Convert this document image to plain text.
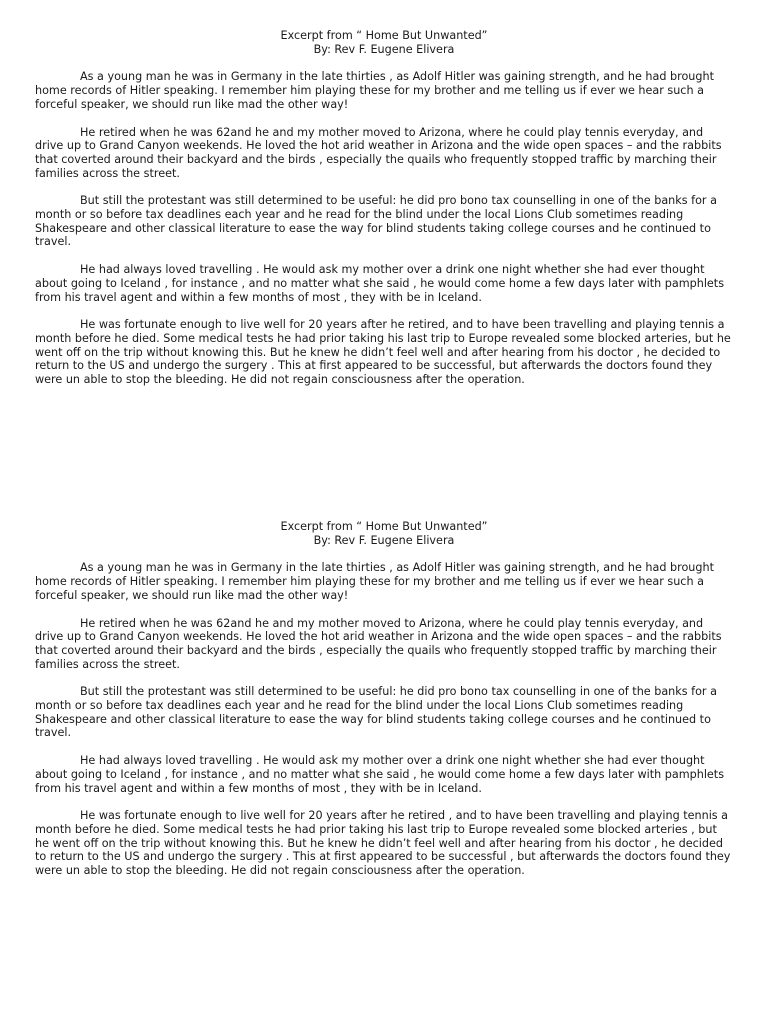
Excerpt from “ Home But Unwanted”
By: Rev F. Eugene Elivera

As a young man he was in Germany in the late thirties , as Adolf Hitler was gaining strength, and he had brought home records of Hitler speaking. I remember him playing these for my brother and me telling us if ever we hear such a forceful speaker, we should run like mad the other way!

He retired when he was 62and he and my mother moved to Arizona, where he could play tennis everyday, and drive up to Grand Canyon weekends. He loved the hot arid weather in Arizona and the wide open spaces – and the rabbits that coverted around their backyard and the birds , especially the quails who frequently stopped traffic by marching their families across the street.

But still the protestant was still determined to be useful: he did pro bono tax counselling in one of the banks for a month or so before tax deadlines each year and he read for the blind under the local Lions Club sometimes reading Shakespeare and other classical literature to ease the way for blind students taking college courses and he continued to travel.

He had always loved travelling . He would ask my mother over a drink one night whether she had ever thought about going to Iceland , for instance , and no matter what she said , he would come home a few days later with pamphlets from his travel agent and within a few months of most , they with be in Iceland.

He was fortunate enough to live well for 20 years after he retired, and to have been travelling and playing tennis a month before he died. Some medical tests he had prior taking his last trip to Europe revealed some blocked arteries, but he went off on the trip without knowing this. But he knew he didn’t feel well and after hearing from his doctor , he decided to return to the US and undergo the surgery . This at first appeared to be successful, but afterwards the doctors found they were un able to stop the bleeding. He did not regain consciousness after the operation.

Excerpt from “ Home But Unwanted”
By: Rev F. Eugene Elivera

As a young man he was in Germany in the late thirties , as Adolf Hitler was gaining strength, and he had brought home records of Hitler speaking. I remember him playing these for my brother and me telling us if ever we hear such a forceful speaker, we should run like mad the other way!

He retired when he was 62and he and my mother moved to Arizona, where he could play tennis everyday, and drive up to Grand Canyon weekends. He loved the hot arid weather in Arizona and the wide open spaces – and the rabbits that coverted around their backyard and the birds , especially the quails who frequently stopped traffic by marching their families across the street.

But still the protestant was still determined to be useful: he did pro bono tax counselling in one of the banks for a month or so before tax deadlines each year and he read for the blind under the local Lions Club sometimes reading Shakespeare and other classical literature to ease the way for blind students taking college courses and he continued to travel.

He had always loved travelling . He would ask my mother over a drink one night whether she had ever thought about going to Iceland , for instance , and no matter what she said , he would come home a few days later with pamphlets from his travel agent and within a few months of most , they with be in Iceland.

He was fortunate enough to live well for 20 years after he retired , and to have been travelling and playing tennis a month before he died. Some medical tests he had prior taking his last trip to Europe revealed some blocked arteries , but he went off on the trip without knowing this. But he knew he didn’t feel well and after hearing from his doctor , he decided to return to the US and undergo the surgery . This at first appeared to be successful , but afterwards the doctors found they were un able to stop the bleeding. He did not regain consciousness after the operation.
